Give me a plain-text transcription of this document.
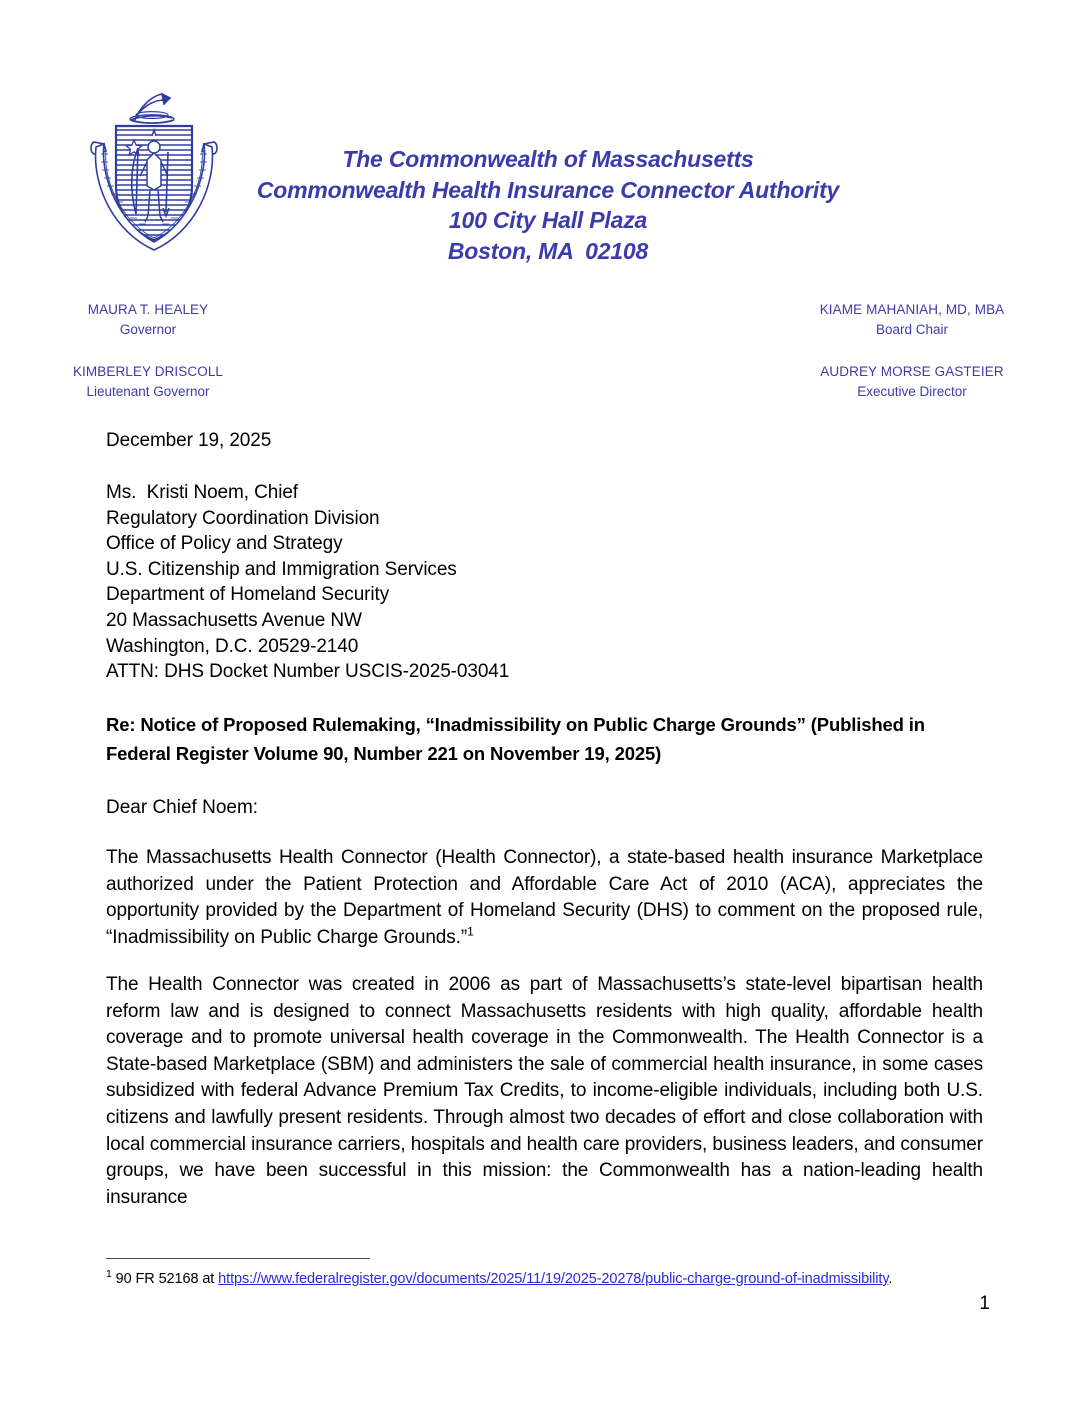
The Commonwealth of Massachusetts
Commonwealth Health Insurance Connector Authority
100 City Hall Plaza
Boston, MA  02108
MAURA T. HEALEY
Governor
KIMBERLEY DRISCOLL
Lieutenant Governor
KIAME MAHANIAH, MD, MBA
Board Chair
AUDREY MORSE GASTEIER
Executive Director
December 19, 2025
Ms.  Kristi Noem, Chief
Regulatory Coordination Division
Office of Policy and Strategy
U.S. Citizenship and Immigration Services
Department of Homeland Security
20 Massachusetts Avenue NW
Washington, D.C. 20529-2140
ATTN: DHS Docket Number USCIS-2025-03041
Re: Notice of Proposed Rulemaking, “Inadmissibility on Public Charge Grounds” (Published in Federal Register Volume 90, Number 221 on November 19, 2025)
Dear Chief Noem:
The Massachusetts Health Connector (Health Connector), a state-based health insurance Marketplace authorized under the Patient Protection and Affordable Care Act of 2010 (ACA), appreciates the opportunity provided by the Department of Homeland Security (DHS) to comment on the proposed rule, “Inadmissibility on Public Charge Grounds.”$^1$
The Health Connector was created in 2006 as part of Massachusetts’s state-level bipartisan health reform law and is designed to connect Massachusetts residents with high quality, affordable health coverage and to promote universal health coverage in the Commonwealth. The Health Connector is a State-based Marketplace (SBM) and administers the sale of commercial health insurance, in some cases subsidized with federal Advance Premium Tax Credits, to income-eligible individuals, including both U.S. citizens and lawfully present residents. Through almost two decades of effort and close collaboration with local commercial insurance carriers, hospitals and health care providers, business leaders, and consumer groups, we have been successful in this mission: the Commonwealth has a nation-leading health insurance
$^1$ 90 FR 52168 at https://www.federalregister.gov/documents/2025/11/19/2025-20278/public-charge-ground-of-inadmissibility.
1
